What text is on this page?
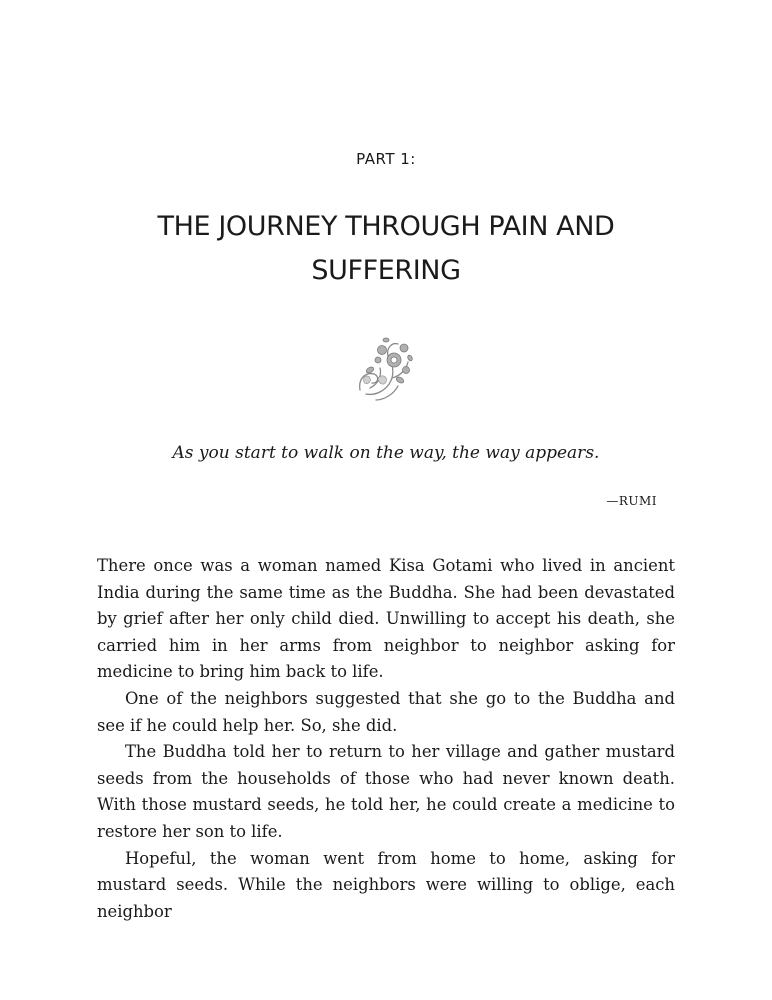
PART 1:
THE JOURNEY THROUGH PAIN AND SUFFERING
As you start to walk on the way, the way appears.
—RUMI

There once was a woman named Kisa Gotami who lived in ancient India during the same time as the Buddha. She had been devastated by grief after her only child died. Unwilling to accept his death, she carried him in her arms from neighbor to neighbor asking for medicine to bring him back to life.

One of the neighbors suggested that she go to the Buddha and see if he could help her. So, she did.

The Buddha told her to return to her village and gather mustard seeds from the households of those who had never known death. With those mustard seeds, he told her, he could create a medicine to restore her son to life.

Hopeful, the woman went from home to home, asking for mustard seeds. While the neighbors were willing to oblige, each neighbor
